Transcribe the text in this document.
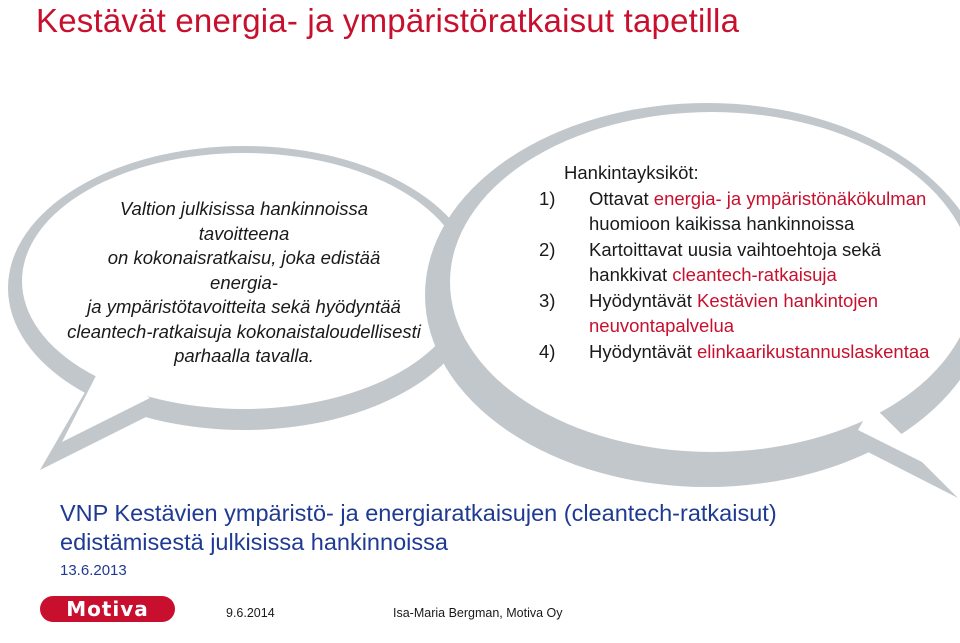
Kestävät energia- ja ympäristöratkaisut tapetilla
Valtion julkisissa hankinnoissa
tavoitteena
on kokonaisratkaisu, joka edistää
energia-
ja ympäristötavoitteita sekä hyödyntää
cleantech-ratkaisuja kokonaistaloudellisesti
parhaalla tavalla.
Hankintayksiköt:
1)	Ottavat energia- ja ympäristönäkökulman huomioon kaikissa hankinnoissa
2)	Kartoittavat uusia vaihtoehtoja sekä hankkivat cleantech-ratkaisuja
3)	Hyödyntävät Kestävien hankintojen neuvontapalvelua
4)	Hyödyntävät elinkaarikustannuslaskentaa
VNP Kestävien ympäristö- ja energiaratkaisujen (cleantech-ratkaisut)
edistämisestä julkisissa hankinnoissa
13.6.2013
Motiva	9.6.2014	Isa-Maria Bergman, Motiva Oy
